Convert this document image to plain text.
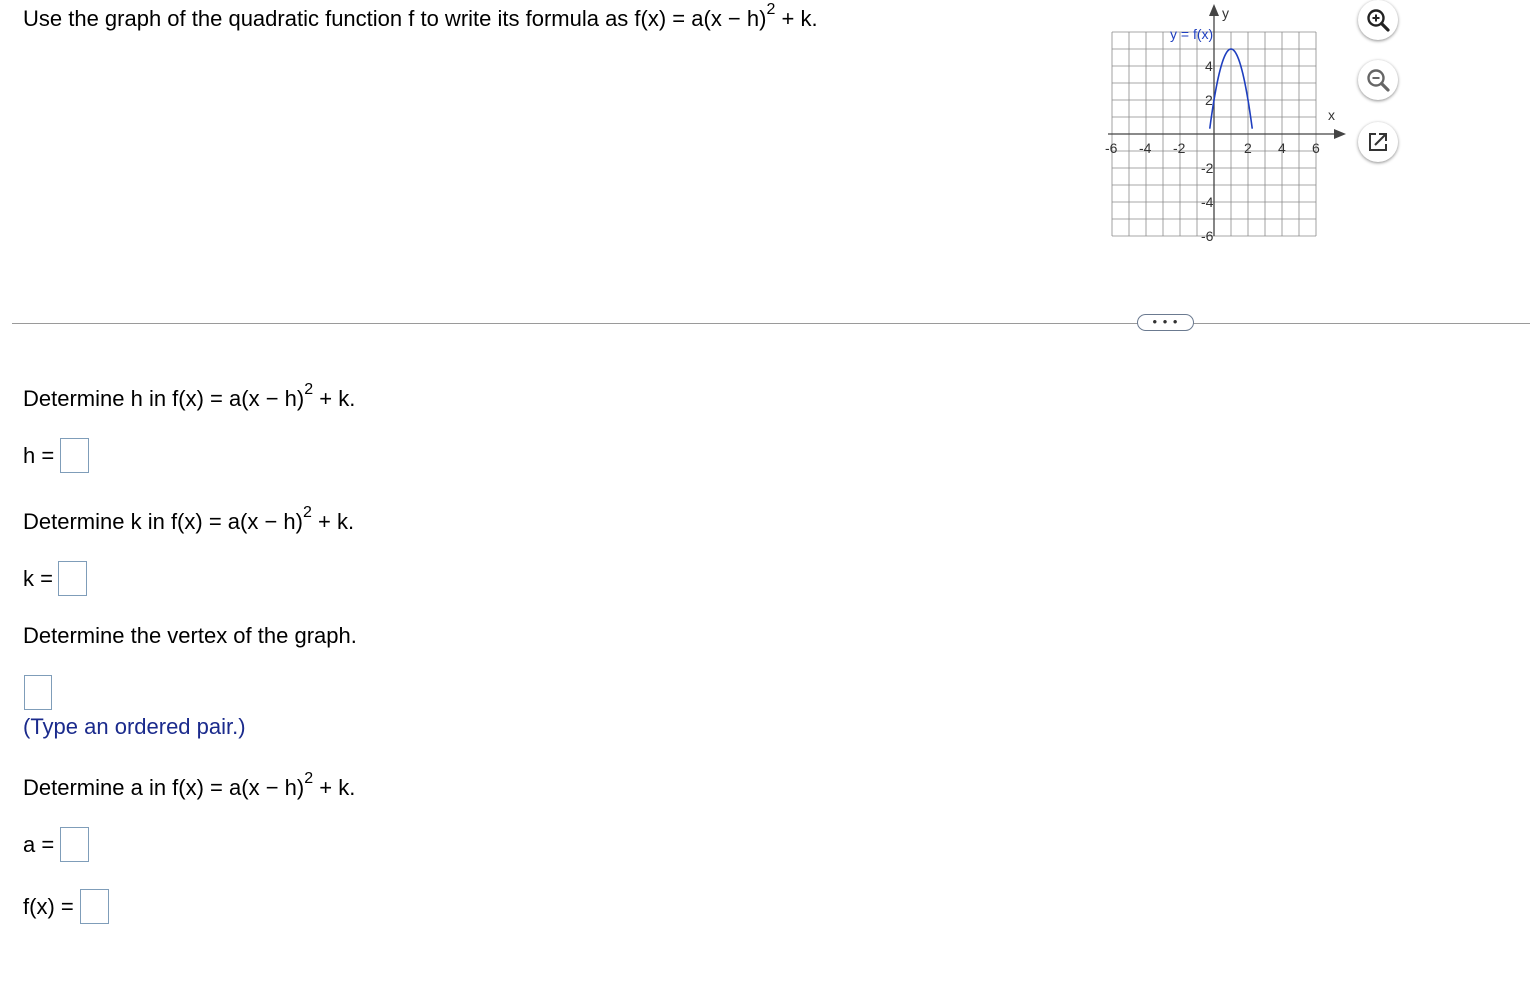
Use the graph of the quadratic function f to write its formula as $f(x) = a(x - h)^2 + k$.
-6 -4 -2	2 4 6
4
2
-2
-4
-6
x
y
y = f(x)
• • •
Determine h in $f(x) = a(x - h)^2 + k$.
h =
Determine k in $f(x) = a(x - h)^2 + k$.
k =
Determine the vertex of the graph.
(Type an ordered pair.)
Determine a in $f(x) = a(x - h)^2 + k$.
a =
f(x) =
